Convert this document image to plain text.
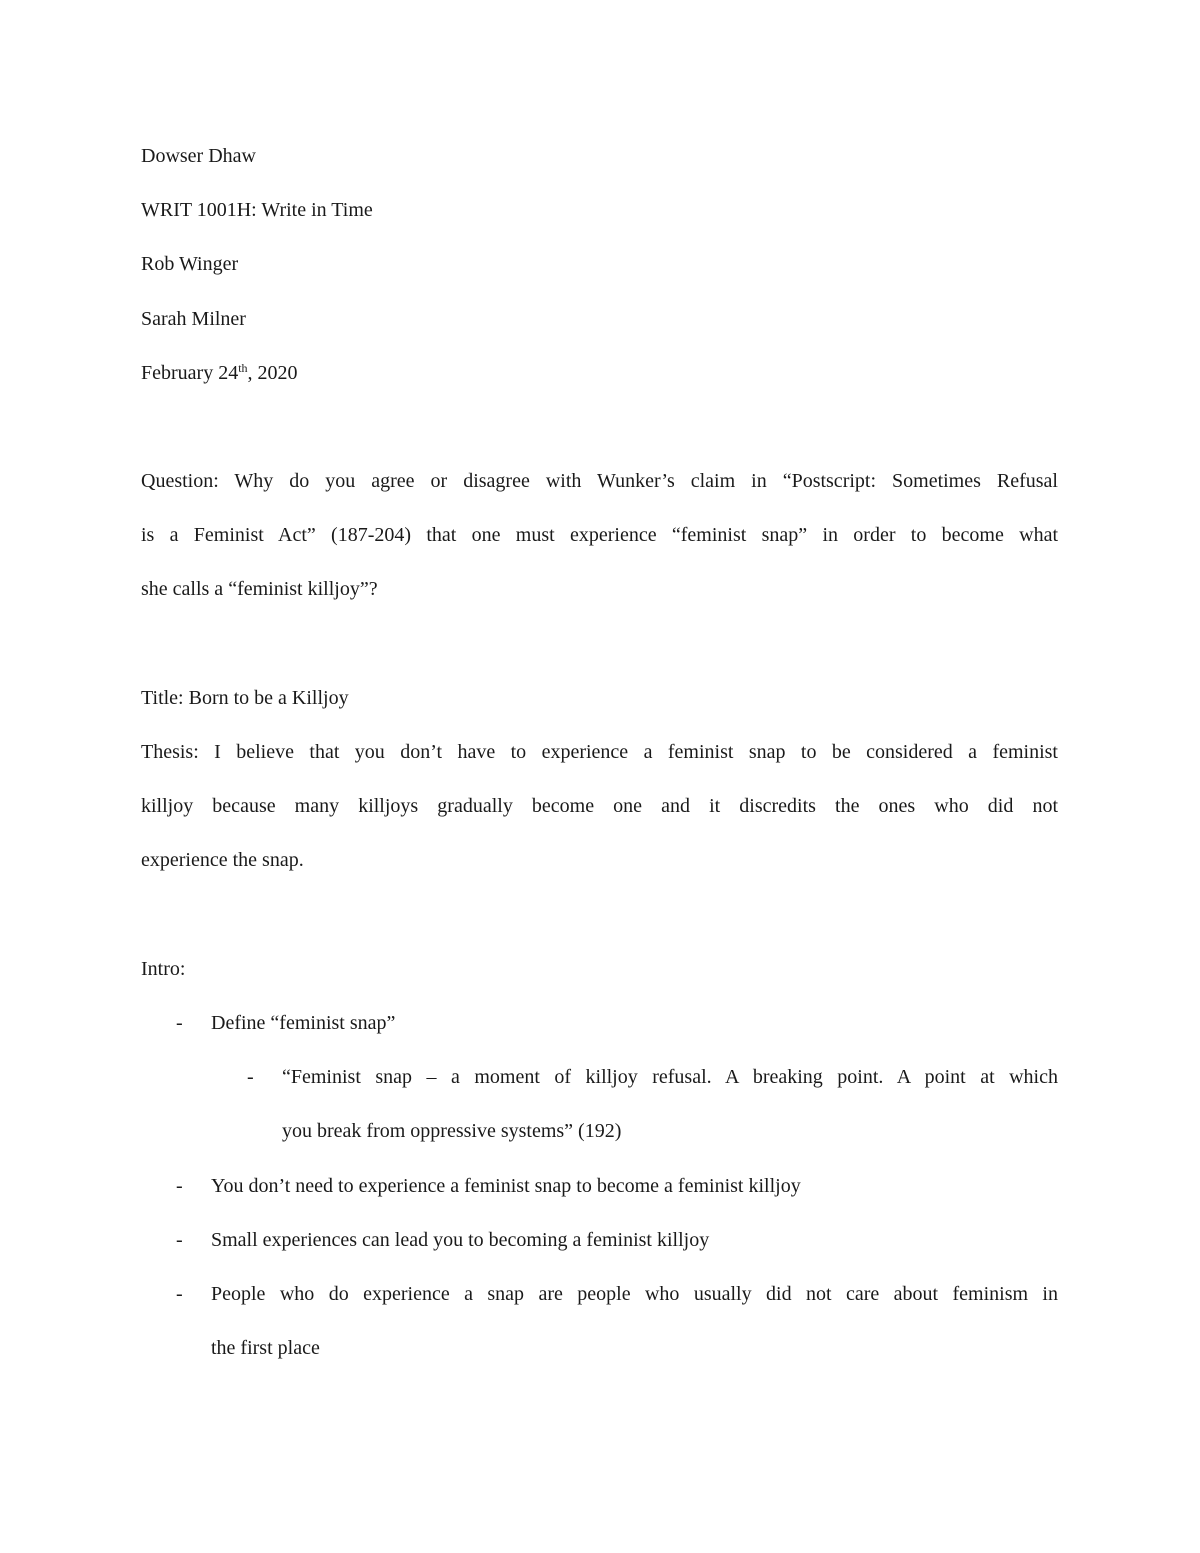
Dowser Dhaw
WRIT 1001H: Write in Time
Rob Winger
Sarah Milner
February 24th, 2020
Question: Why do you agree or disagree with Wunker’s claim in “Postscript: Sometimes Refusal
is a Feminist Act” (187-204) that one must experience “feminist snap” in order to become what
she calls a “feminist killjoy”?
Title: Born to be a Killjoy
Thesis: I believe that you don’t have to experience a feminist snap to be considered a feminist
killjoy because many killjoys gradually become one and it discredits the ones who did not
experience the snap.
Intro:
- Define “feminist snap”
- “Feminist snap – a moment of killjoy refusal. A breaking point. A point at which
you break from oppressive systems” (192)
- You don’t need to experience a feminist snap to become a feminist killjoy
- Small experiences can lead you to becoming a feminist killjoy
- People who do experience a snap are people who usually did not care about feminism in
the first place
